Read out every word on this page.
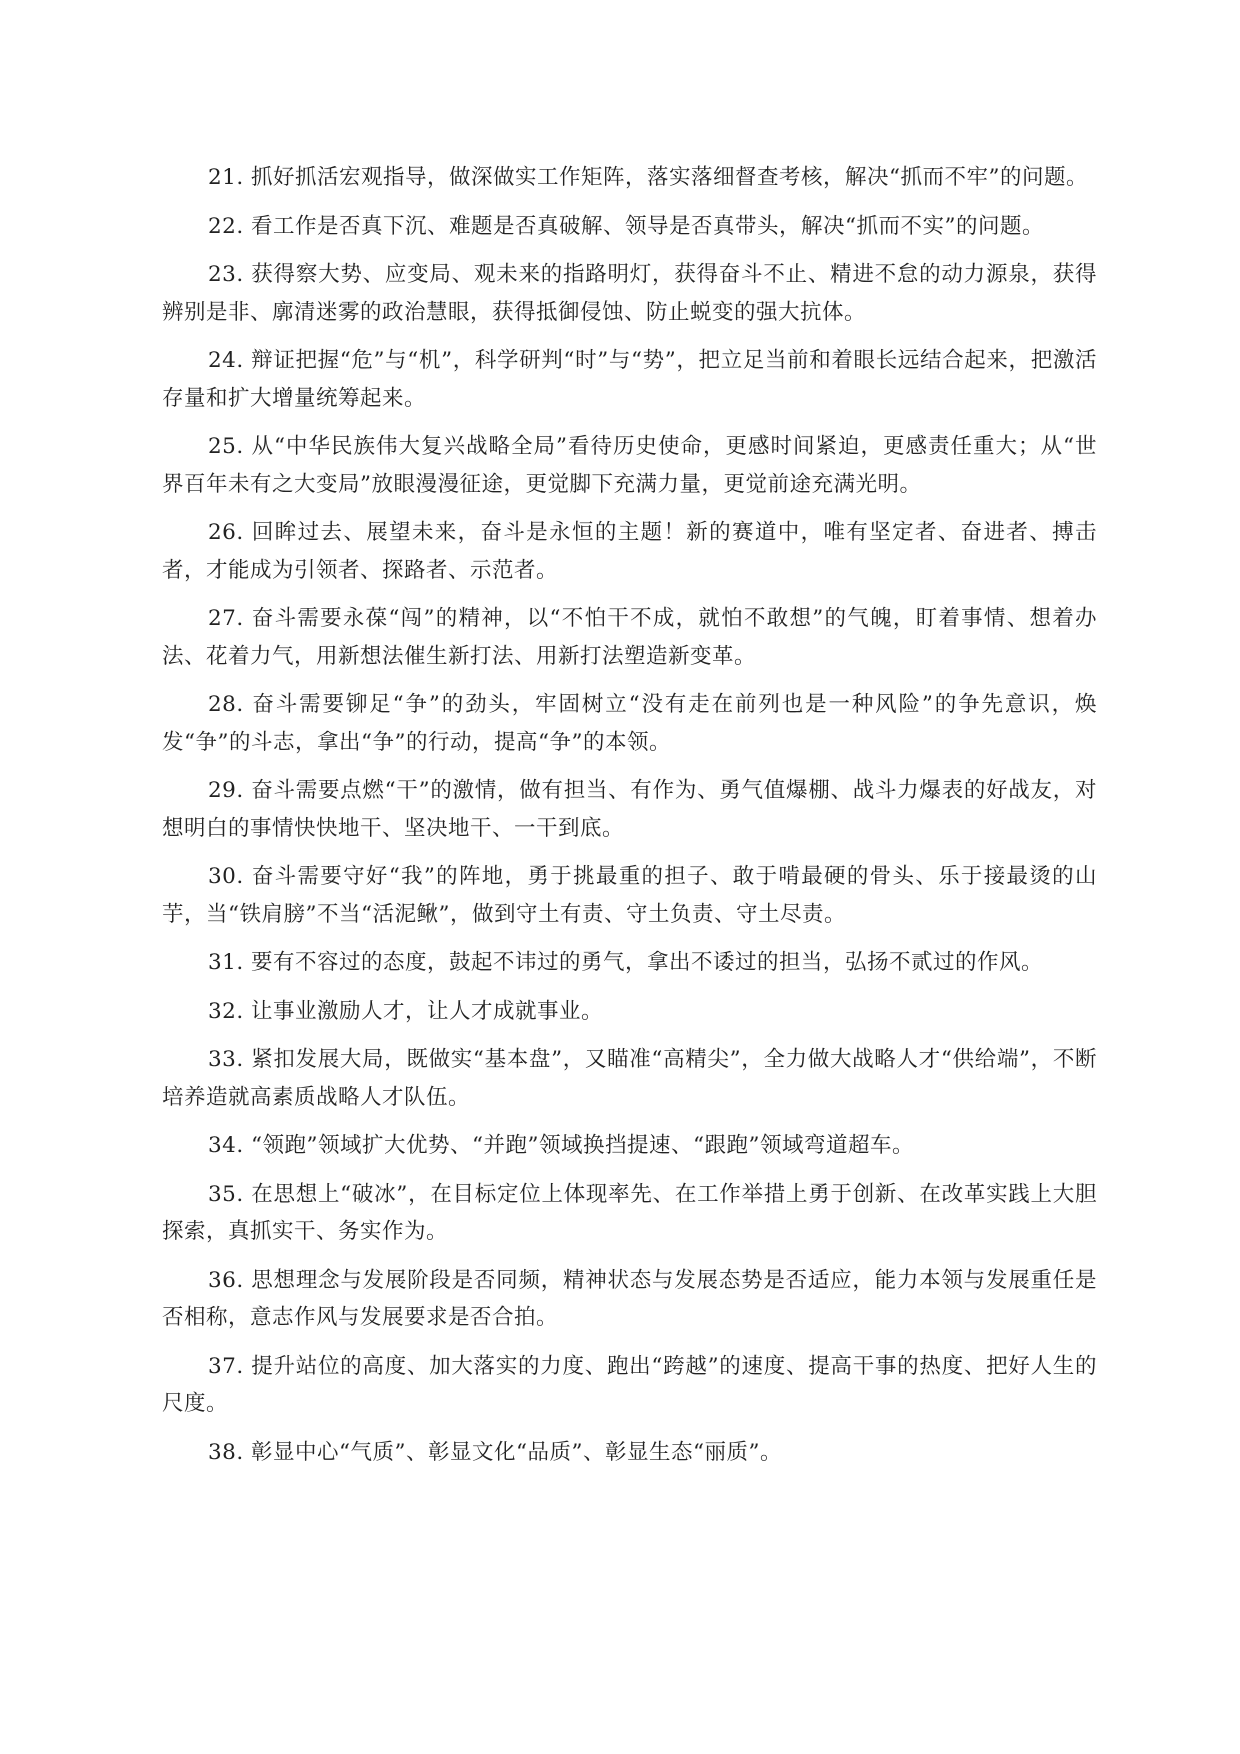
21. 抓好抓活宏观指导，做深做实工作矩阵，落实落细督查考核，解决“抓而不牢”的问题。

22. 看工作是否真下沉、难题是否真破解、领导是否真带头，解决“抓而不实”的问题。

23. 获得察大势、应变局、观未来的指路明灯，获得奋斗不止、精进不怠的动力源泉，获得辨别是非、廓清迷雾的政治慧眼，获得抵御侵蚀、防止蜕变的强大抗体。

24. 辩证把握“危”与“机”，科学研判“时”与“势”，把立足当前和着眼长远结合起来，把激活存量和扩大增量统筹起来。

25. 从“中华民族伟大复兴战略全局”看待历史使命，更感时间紧迫，更感责任重大；从“世界百年未有之大变局”放眼漫漫征途，更觉脚下充满力量，更觉前途充满光明。

26. 回眸过去、展望未来，奋斗是永恒的主题！新的赛道中，唯有坚定者、奋进者、搏击者，才能成为引领者、探路者、示范者。

27. 奋斗需要永葆“闯”的精神，以“不怕干不成，就怕不敢想”的气魄，盯着事情、想着办法、花着力气，用新想法催生新打法、用新打法塑造新变革。

28. 奋斗需要铆足“争”的劲头，牢固树立“没有走在前列也是一种风险”的争先意识，焕发“争”的斗志，拿出“争”的行动，提高“争”的本领。

29. 奋斗需要点燃“干”的激情，做有担当、有作为、勇气值爆棚、战斗力爆表的好战友，对想明白的事情快快地干、坚决地干、一干到底。

30. 奋斗需要守好“我”的阵地，勇于挑最重的担子、敢于啃最硬的骨头、乐于接最烫的山芋，当“铁肩膀”不当“活泥鳅”，做到守土有责、守土负责、守土尽责。

31. 要有不容过的态度，鼓起不讳过的勇气，拿出不诿过的担当，弘扬不贰过的作风。

32. 让事业激励人才，让人才成就事业。

33. 紧扣发展大局，既做实“基本盘”，又瞄准“高精尖”，全力做大战略人才“供给端”，不断培养造就高素质战略人才队伍。

34. “领跑”领域扩大优势、“并跑”领域换挡提速、“跟跑”领域弯道超车。

35. 在思想上“破冰”，在目标定位上体现率先、在工作举措上勇于创新、在改革实践上大胆探索，真抓实干、务实作为。

36. 思想理念与发展阶段是否同频，精神状态与发展态势是否适应，能力本领与发展重任是否相称，意志作风与发展要求是否合拍。

37. 提升站位的高度、加大落实的力度、跑出“跨越”的速度、提高干事的热度、把好人生的尺度。

38. 彰显中心“气质”、彰显文化“品质”、彰显生态“丽质”。
